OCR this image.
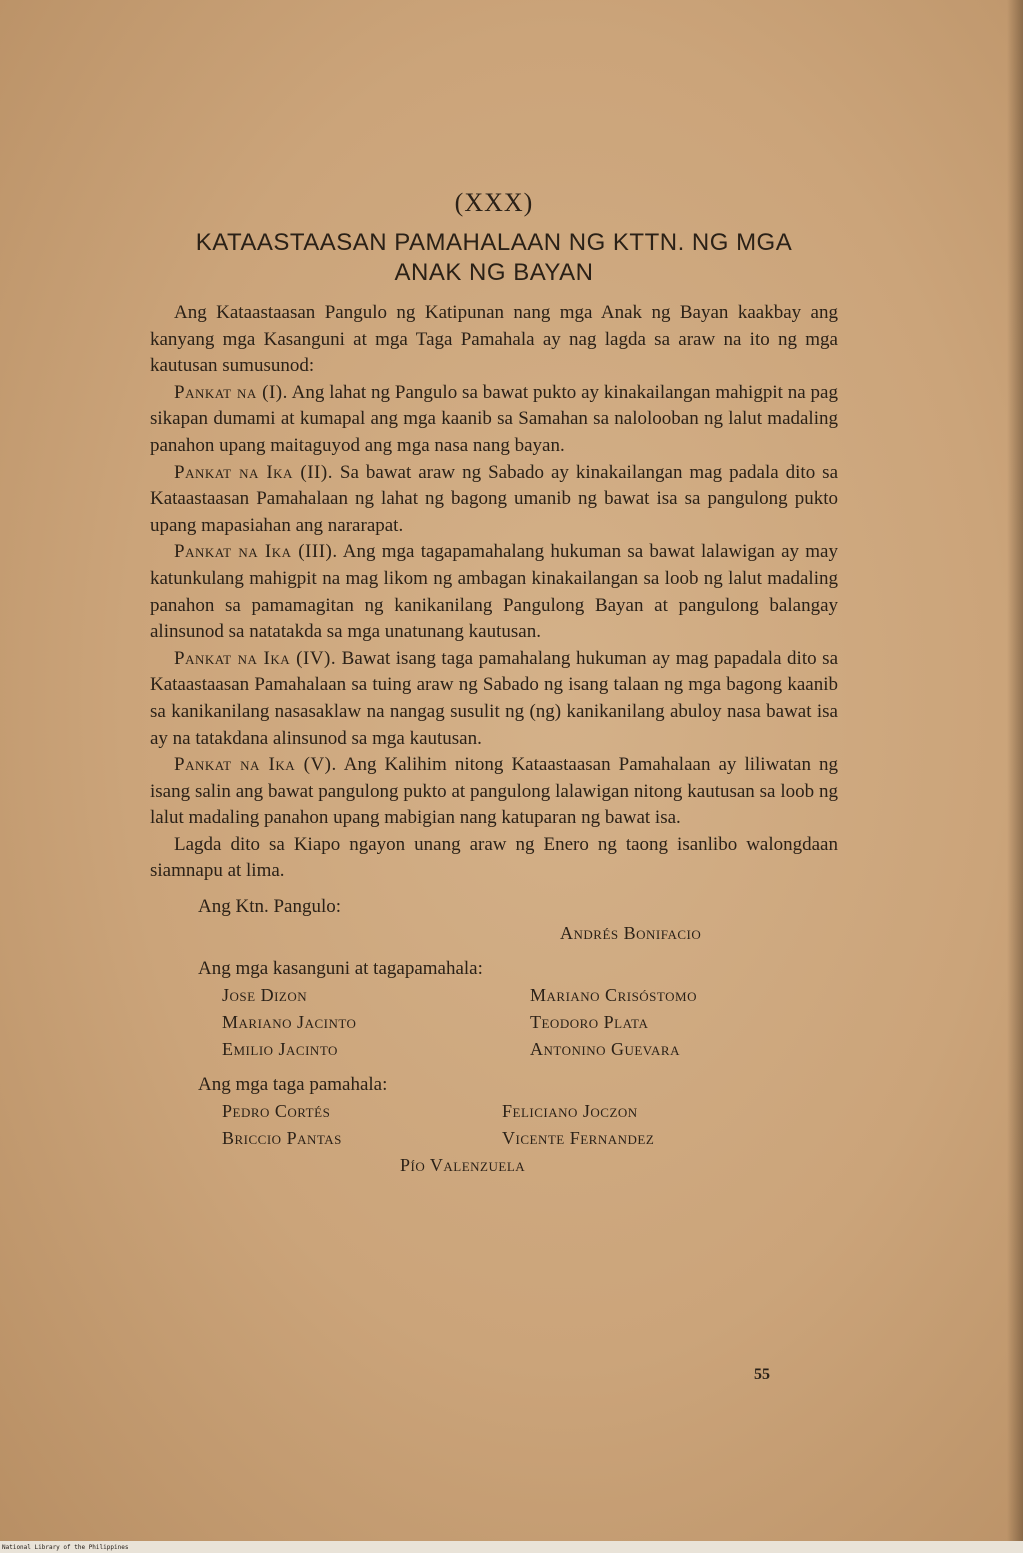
(XXX)
KATAASTAASAN PAMAHALAAN NG KTTN. NG MGA
ANAK NG BAYAN

Ang Kataastaasan Pangulo ng Katipunan nang mga Anak ng Bayan kaakbay ang kanyang mga Kasanguni at mga Taga Pamahala ay nag lagda sa araw na ito ng mga kautusan sumusunod:

Pankat na (I). Ang lahat ng Pangulo sa bawat pukto ay kinakailangan mahigpit na pag sikapan dumami at kumapal ang mga kaanib sa Samahan sa nalolooban ng lalut madaling panahon upang maitaguyod ang mga nasa nang bayan.

Pankat na Ika (II). Sa bawat araw ng Sabado ay kinakailangan mag padala dito sa Kataastaasan Pamahalaan ng lahat ng bagong umanib ng bawat isa sa pangulong pukto upang mapasiahan ang nararapat.

Pankat na Ika (III). Ang mga tagapamahalang hukuman sa bawat lalawigan ay may katunkulang mahigpit na mag likom ng ambagan kinakailangan sa loob ng lalut madaling panahon sa pamamagitan ng kanikanilang Pangulong Bayan at pangulong balangay alinsunod sa natatakda sa mga unatunang kautusan.

Pankat na Ika (IV). Bawat isang taga pamahalang hukuman ay mag papadala dito sa Kataastaasan Pamahalaan sa tuing araw ng Sabado ng isang talaan ng mga bagong kaanib sa kanikanilang nasasaklaw na nangag susulit ng (ng) kanikanilang abuloy nasa bawat isa ay na tatakdana alinsunod sa mga kautusan.

Pankat na Ika (V). Ang Kalihim nitong Kataastaasan Pamahalaan ay liliwatan ng isang salin ang bawat pangulong pukto at pangulong lalawigan nitong kautusan sa loob ng lalut madaling panahon upang mabigian nang katuparan ng bawat isa.

Lagda dito sa Kiapo ngayon unang araw ng Enero ng taong isanlibo walongdaan siamnapu at lima.

Ang Ktn. Pangulo:
Andrés Bonifacio
Ang mga kasanguni at tagapamahala:
Jose Dizon	Mariano Crisóstomo
Mariano Jacinto	Teodoro Plata
Emilio Jacinto	Antonino Guevara
Ang mga taga pamahala:
Pedro Cortés	Feliciano Joczon
Briccio Pantas	Vicente Fernandez
Pío Valenzuela
55
National Library of the Philippines
